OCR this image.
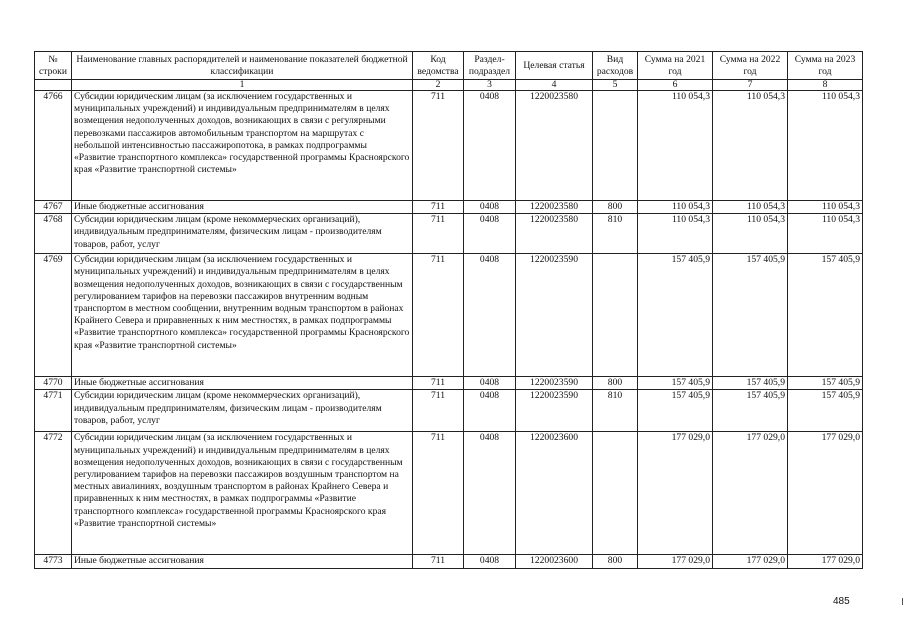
№ строки	Наименование главных распорядителей и наименование показателей бюджетной классификации	Код ведомства	Раздел-подраздел	Целевая статья	Вид расходов	Сумма на 2021 год	Сумма на 2022 год	Сумма на 2023 год
	1	2	3	4	5	6	7	8
4766	Субсидии юридическим лицам (за исключением государственных и муниципальных учреждений) и индивидуальным предпринимателям в целях возмещения недополученных доходов, возникающих в связи с регулярными перевозками пассажиров автомобильным транспортом на маршрутах с небольшой интенсивностью пассажиропотока, в рамках подпрограммы «Развитие транспортного комплекса» государственной программы Красноярского края «Развитие транспортной системы»	711	0408	1220023580		110 054,3	110 054,3	110 054,3
4767	Иные бюджетные ассигнования	711	0408	1220023580	800	110 054,3	110 054,3	110 054,3
4768	Субсидии юридическим лицам (кроме некоммерческих организаций), индивидуальным предпринимателям, физическим лицам - производителям товаров, работ, услуг	711	0408	1220023580	810	110 054,3	110 054,3	110 054,3
4769	Субсидии юридическим лицам (за исключением государственных и муниципальных учреждений) и индивидуальным предпринимателям в целях возмещения недополученных доходов, возникающих в связи с государственным регулированием тарифов на перевозки пассажиров внутренним водным транспортом в местном сообщении, внутренним водным транспортом в районах Крайнего Севера и приравненных к ним местностях, в рамках подпрограммы «Развитие транспортного комплекса» государственной программы Красноярского края «Развитие транспортной системы»	711	0408	1220023590		157 405,9	157 405,9	157 405,9
4770	Иные бюджетные ассигнования	711	0408	1220023590	800	157 405,9	157 405,9	157 405,9
4771	Субсидии юридическим лицам (кроме некоммерческих организаций), индивидуальным предпринимателям, физическим лицам - производителям товаров, работ, услуг	711	0408	1220023590	810	157 405,9	157 405,9	157 405,9
4772	Субсидии юридическим лицам (за исключением государственных и муниципальных учреждений) и индивидуальным предпринимателям в целях возмещения недополученных доходов, возникающих в связи с государственным регулированием тарифов на перевозки пассажиров воздушным транспортом на местных авиалиниях, воздушным транспортом в районах Крайнего Севера и приравненных к ним местностях, в рамках подпрограммы «Развитие транспортного комплекса» государственной программы Красноярского края «Развитие транспортной системы»	711	0408	1220023600		177 029,0	177 029,0	177 029,0
4773	Иные бюджетные ассигнования	711	0408	1220023600	800	177 029,0	177 029,0	177 029,0
485
